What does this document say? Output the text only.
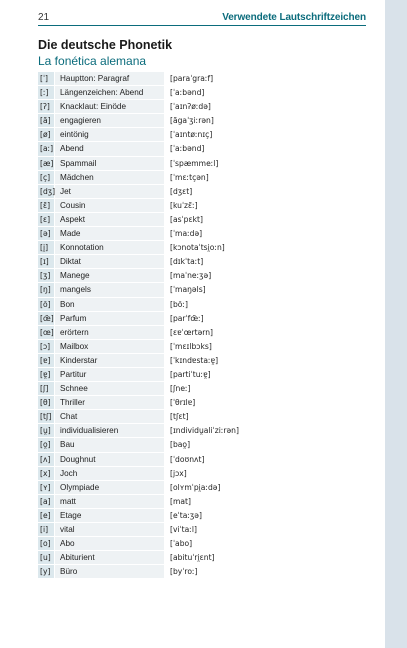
21	Verwendete Lautschriftzeichen
Die deutsche Phonetik
La fonética alemana
[ˈ]	Hauptton: Paragraf	[paraˈgraːf]
[ː]	Längenzeichen: Abend	[ˈaːbənd]
[ʔ]	Knacklaut: Einöde	[ˈaɪnʔøːdə]
[ã]	engagieren	[ãgaˈʒiːrən]
[ø]	eintönig	[ˈaɪntøːnɪç]
[aː] Abend	[ˈaːbənd]
[æ] Spammail	[ˈspæmmeːl]
[ç]	Mädchen	[ˈmɛːtçən]
[dʒ] Jet	[dʒɛt]
[ɛ̃]	Cousin	[kuˈzɛ̃ː]
[ɛ]	Aspekt	[asˈpɛkt]
[ə]	Made	[ˈmaːdə]
[i̯]	Konnotation	[kɔnotaˈtsi̯oːn]
[ɪ]	Diktat	[dɪkˈtaːt]
[ʒ]	Manege	[maˈneːʒə]
[ŋ]	mangels	[ˈmaŋəls]
[õ]	Bon	[bõː]
[œ̃] Parfum	[parˈfœ̃ː]
[œ] erörtern	[ɛɐˈœrtərn]
[ɔ]	Mailbox	[ˈmɛɪlbɔks]
[ɐ]	Kinderstar	[ˈkɪndɐstaːɐ̯]
[ɐ̯]	Partitur	[partiˈtuːɐ̯]
[ʃ]	Schnee	[ʃneː]
[θ]	Thriller	[ˈθrɪlɐ]
[tʃ]	Chat	[tʃɛt]
[u̯]	individualisieren	[ɪndividu̯aliˈziːrən]
[o̯]	Bau	[bao̯]
[ʌ]	Doughnut	[ˈdoʊnʌt]
[x]	Joch	[jɔx]
[ʏ]	Olympiade	[olʏmˈpi̯aːdə]
[a]	matt	[mat]
[e]	Etage	[eˈtaːʒə]
[i]	vital	[viˈtaːl]
[o]	Abo	[ˈabo]
[u]	Abiturient	[abituˈri̯ɛnt]
[y]	Büro	[byˈroː]
